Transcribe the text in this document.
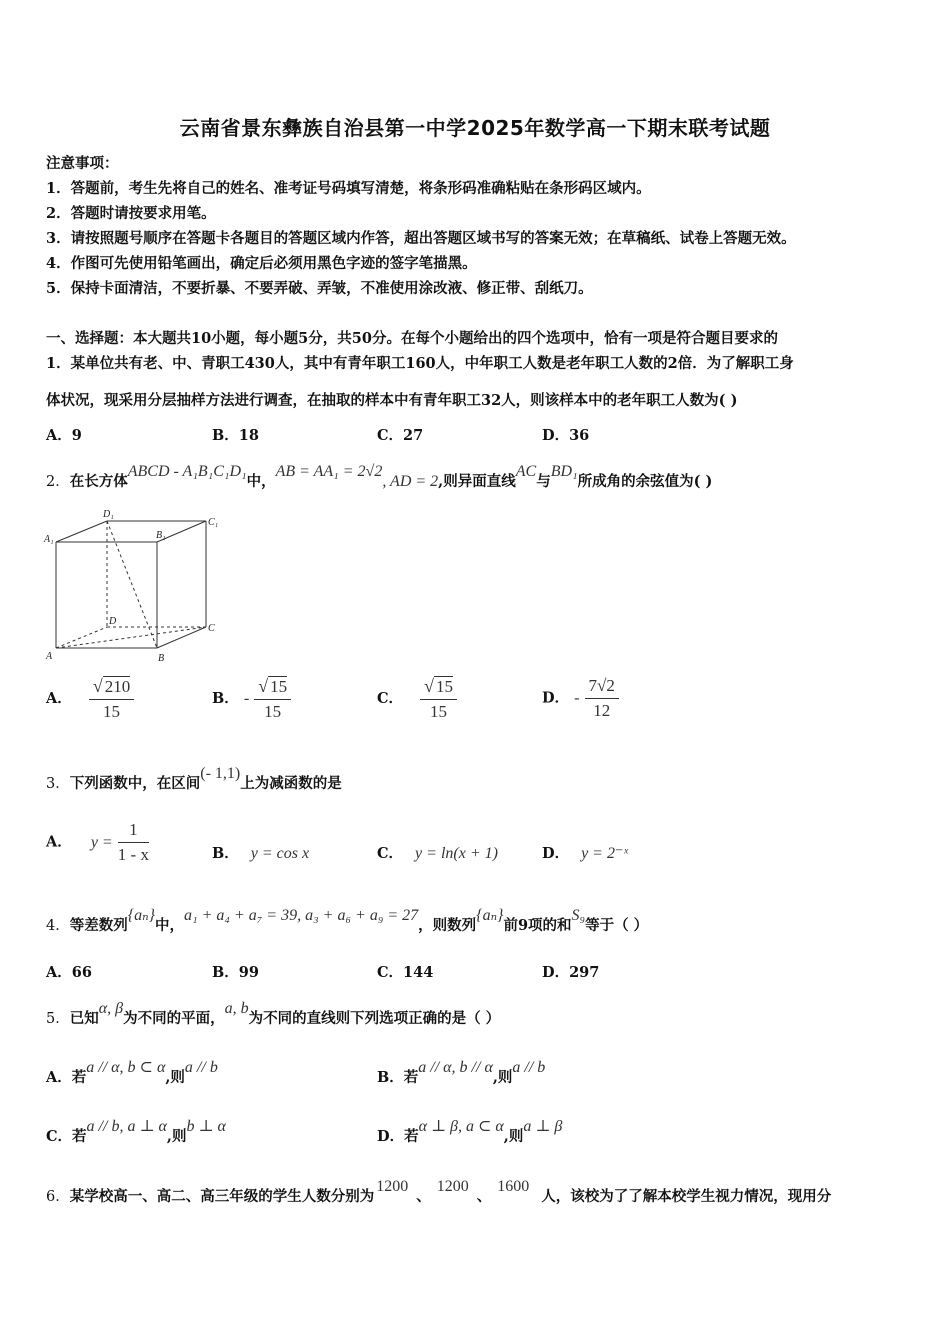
云南省景东彝族自治县第一中学2025年数学高一下期末联考试题
注意事项：
1．答题前，考生先将自己的姓名、准考证号码填写清楚，将条形码准确粘贴在条形码区域内。
2．答题时请按要求用笔。
3．请按照题号顺序在答题卡各题目的答题区域内作答，超出答题区域书写的答案无效；在草稿纸、试卷上答题无效。
4．作图可先使用铅笔画出，确定后必须用黑色字迹的签字笔描黑。
5．保持卡面清洁，不要折暴、不要弄破、弄皱，不准使用涂改液、修正带、刮纸刀。
一、选择题：本大题共10小题，每小题5分，共50分。在每个小题给出的四个选项中，恰有一项是符合题目要求的
1．某单位共有老、中、青职工430人，其中有青年职工160人，中年职工人数是老年职工人数的2倍．为了解职工身
体状况，现采用分层抽样方法进行调查，在抽取的样本中有青年职工32人，则该样本中的老年职工人数为( )
A．9	B．18	C．27	D．36
2．在长方体ABCD - A₁B₁C₁D₁中，AB = AA₁ = 2√2, AD = 2,则异面直线AC与BD₁所成角的余弦值为( )
D₁
C₁
A₁	B₁
D
C
A	B
A． $\frac{√ 210}{15}$	B． - $\frac{√ 15}{15}$	C． $\frac{√ 15}{15}$	D． - $\frac{7√2}{12}$
3．下列函数中，在区间(- 1,1)上为减函数的是
A． $y = \frac{1}{1 - x}$	B． y = cos x	C． y = ln(x + 1)	D． y = 2⁻ˣ
4．等差数列{aₙ}中，a₁ + a₄ + a₇ = 39, a₃ + a₆ + a₉ = 27，则数列{aₙ}前9项的和S₉等于（ ）
A．66	B．99	C．144	D．297
5．已知α, β为不同的平面，a, b为不同的直线则下列选项正确的是（ ）
A．若a // α, b ⊂ α,则a // b
B．若a // α, b // α,则a // b
C．若a // b, a ⊥ α,则b ⊥ α
D．若α ⊥ β, a ⊂ α,则a ⊥ β
6．某学校高一、高二、高三年级的学生人数分别为1200、1200、1600人，该校为了了解本校学生视力情况，现用分
